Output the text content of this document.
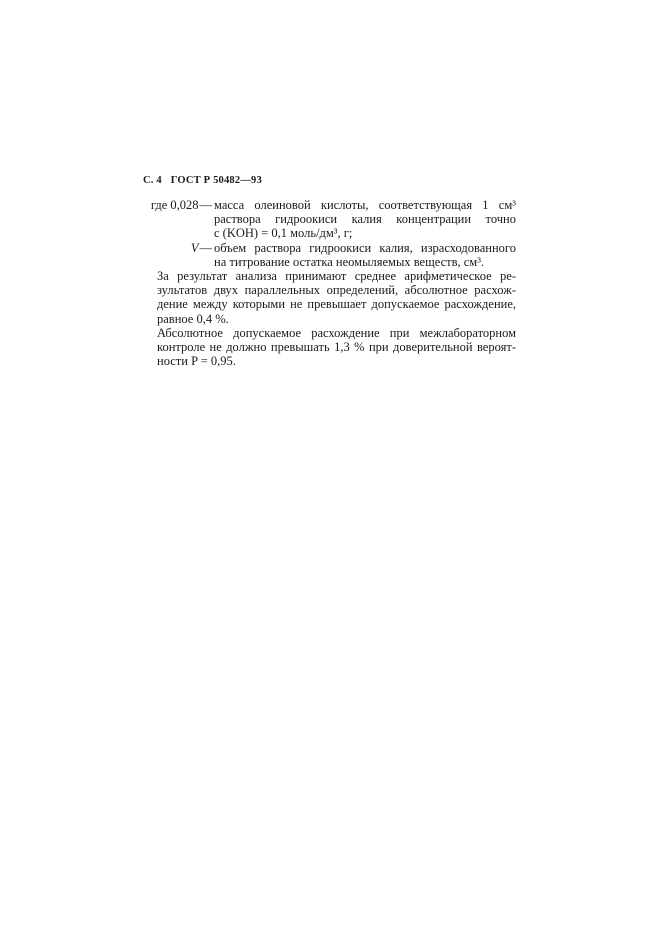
С. 4 ГОСТ Р 50482—93
где 0,028— масса олеиновой кислоты, соответствующая 1 см³
раствора гидроокиси калия концентрации точно
c (KOH) = 0,1 моль/дм³, г;
V— объем раствора гидроокиси калия, израсходованного
на титрование остатка неомыляемых веществ, см³.
За результат анализа принимают среднее арифметическое ре-
зультатов двух параллельных определений, абсолютное расхож-
дение между которыми не превышает допускаемое расхождение,
равное 0,4 %.
Абсолютное допускаемое расхождение при межлабораторном
контроле не должно превышать 1,3 % при доверительной вероят-
ности P = 0,95.
